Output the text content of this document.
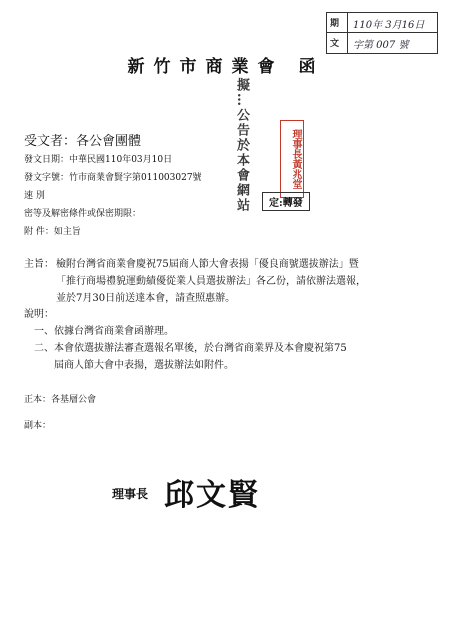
新竹市商業會 函
期 110年 3月16日
文 字第 007 號
擬…公告於本會網站	理事長黃兆堂
定:轉發
受文者：各公會團體
發文日期：中華民國110年03月10日
發文字號：竹市商業會賢字第011003027號
速 別
密等及解密條件或保密期限：
附 件：如主旨
主旨： 檢附台灣省商業會慶祝75屆商人節大會表揚「優良商號選拔辦法」暨
「推行商場禮貌運動績優從業人員選拔辦法」各乙份，請依辦法選報，
並於7月30日前送達本會，請查照惠辦。
說明：
一、依據台灣省商業會函辦理。
二、本會依選拔辦法審查選報名單後，於台灣省商業界及本會慶祝第75
　　屆商人節大會中表揚，選拔辦法如附件。
正本：各基層公會
副本：
理事長 邱文賢
